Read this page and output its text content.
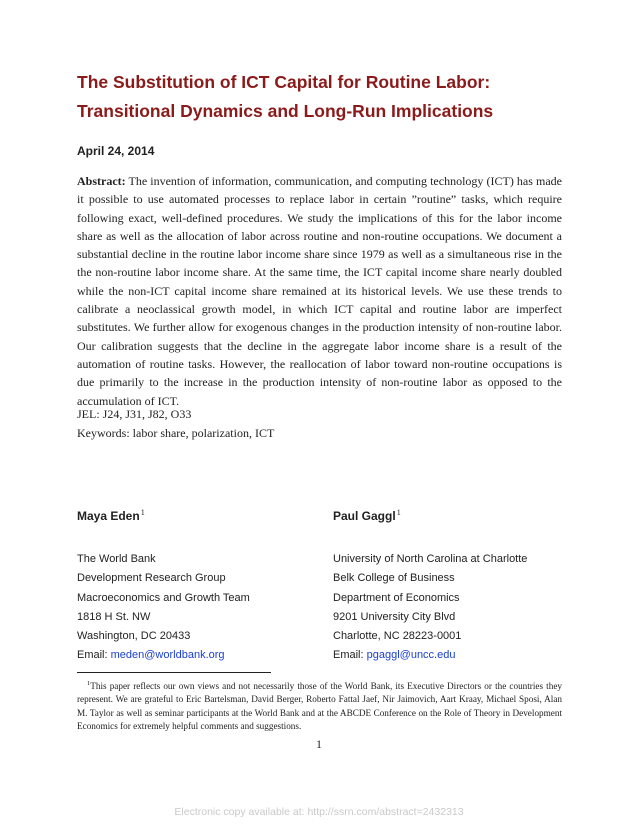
The Substitution of ICT Capital for Routine Labor:
Transitional Dynamics and Long-Run Implications
April 24, 2014
Abstract: The invention of information, communication, and computing technology (ICT) has made it possible to use automated processes to replace labor in certain ”routine” tasks, which require following exact, well-defined procedures. We study the implications of this for the labor income share as well as the allocation of labor across routine and non-routine occupations. We document a substantial decline in the routine labor income share since 1979 as well as a simultaneous rise in the the non-routine labor income share. At the same time, the ICT capital income share nearly doubled while the non-ICT capital income share remained at its historical levels. We use these trends to calibrate a neoclassical growth model, in which ICT capital and routine labor are imperfect substitutes. We further allow for exogenous changes in the production intensity of non-routine labor. Our calibration suggests that the decline in the aggregate labor income share is a result of the automation of routine tasks. However, the reallocation of labor toward non-routine occupations is due primarily to the increase in the production intensity of non-routine labor as opposed to the accumulation of ICT.
JEL: J24, J31, J82, O33
Keywords: labor share, polarization, ICT
Maya Eden$^1$
The World Bank
Development Research Group
Macroeconomics and Growth Team
1818 H St. NW
Washington, DC 20433
Email: meden@worldbank.org
Paul Gaggl$^1$
University of North Carolina at Charlotte
Belk College of Business
Department of Economics
9201 University City Blvd
Charlotte, NC 28223-0001
Email: pgaggl@uncc.edu
$^1$This paper reflects our own views and not necessarily those of the World Bank, its Executive Directors or the countries they represent. We are grateful to Eric Bartelsman, David Berger, Roberto Fattal Jaef, Nir Jaimovich, Aart Kraay, Michael Sposi, Alan M. Taylor as well as seminar participants at the World Bank and at the ABCDE Conference on the Role of Theory in Development Economics for extremely helpful comments and suggestions.
1
Electronic copy available at: http://ssrn.com/abstract=2432313
